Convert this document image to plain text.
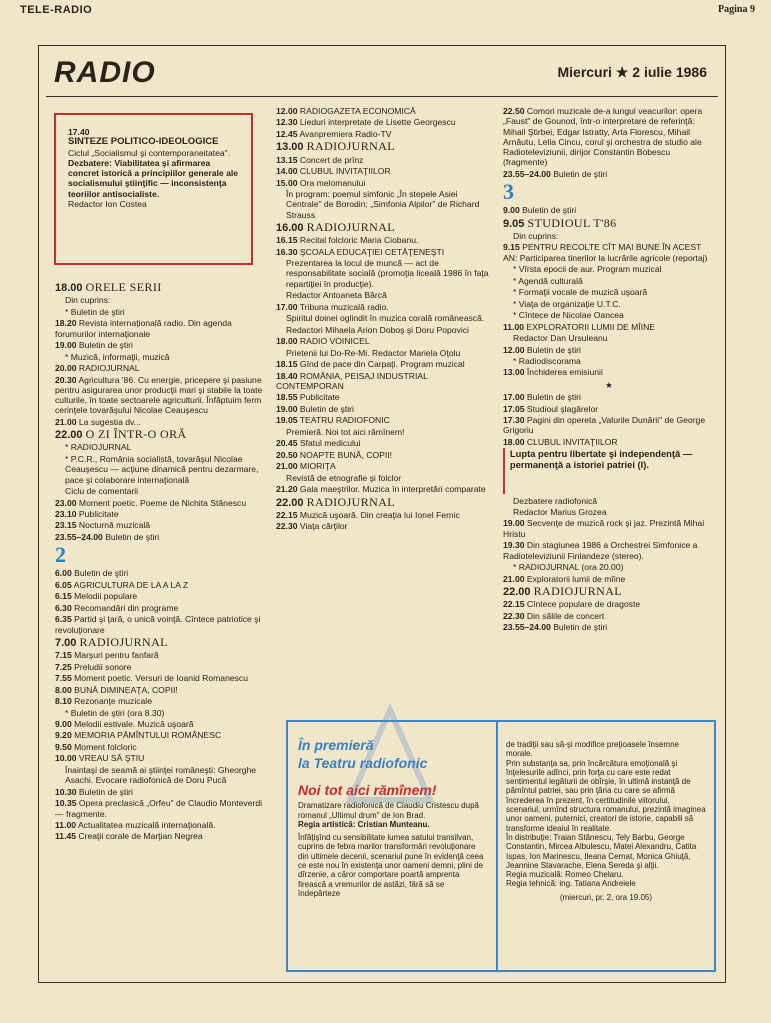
TELE-RADIO	Pagina 9
RADIO	Miercuri ★ 2 iulie 1986
17.40
SINTEZE POLITICO-IDEOLOGICE
Ciclul „Socialismul şi contemporaneitatea".
Dezbatere: Viabilitatea şi afirmarea concret istorică a principiilor generale ale socialismului ştiinţific — inconsistenţa teoriilor antisocialiste.
Redactor Ion Costea
18.00 ORELE SERII
Din cuprins:
* Buletin de ştiri
18.20 Revista internaţională radio. Din agenda forumurilor internaţionale
19.00 Buletin de ştiri
* Muzică, informaţii, muzică
20.00 RADIOJURNAL
20.30 Agricultura '86. Cu energie, pricepere şi pasiune pentru asigurarea unor producţii mari şi stabile la toate culturile, în toate sectoarele agriculturii. Înfăptuim ferm cerinţele tovarăşului Nicolae Ceauşescu
21.00 La sugestia dv...
22.00 O ZI ÎNTR-O ORĂ
* RADIOJURNAL
* P.C.R., România socialistă, tovarăşul Nicolae Ceauşescu — acţiune dinamică pentru dezarmare, pace şi colaborare internaţională
Ciclu de comentarii
23.00 Moment poetic. Poeme de Nichita Stănescu
23.10 Publicitate
23.15 Nocturnă muzicală
23.55–24.00 Buletin de ştiri
2
6.00 Buletin de ştiri
6.05 AGRICULTURA DE LA A LA Z
6.15 Melodii populare
6.30 Recomandări din programe
6.35 Partid şi ţară, o unică voinţă. Cîntece patriotice şi revoluţionare
7.00 RADIOJURNAL
7.15 Marşuri pentru fanfară
7.25 Preludii sonore
7.55 Moment poetic. Versuri de Ioanid Romanescu
8.00 BUNĂ DIMINEAŢA, COPII!
8.10 Rezonanţe muzicale
* Buletin de ştiri (ora 8.30)
9.00 Melodii estivale. Muzică uşoară
9.20 MEMORIA PĂMÎNTULUI ROMÂNESC
9.50 Moment folcloric
10.00 VREAU SĂ ŞTIU
Înaintaşi de seamă ai ştiinţei româneşti: Gheorghe Asachi. Evocare radiofonică de Doru Pucă
10.30 Buletin de ştiri
10.35 Opera preclasică „Orfeu" de Claudio Monteverdi — fragmente.
11.00 Actualitatea muzicală internaţională.
11.45 Creaţii corale de Marţian Negrea
12.00 RADIOGAZETA ECONOMICĂ
12.30 Lieduri interpretate de Lisette Georgescu
12.45 Avanpremiera Radio-TV
13.00 RADIOJURNAL
13.15 Concert de prînz
14.00 CLUBUL INVITAŢIILOR
15.00 Ora melomanului
În program: poemul simfonic „În stepele Asiei Centrale" de Borodin; „Simfonia Alpilor" de Richard Strauss
16.00 RADIOJURNAL
16.15 Recital folcloric Maria Ciobanu.
16.30 ŞCOALA EDUCAŢIEI CETĂŢENEŞTI
Prezentarea la locul de muncă — act de responsabilitate socială (promoţia liceală 1986 în faţa repartiţiei în producţie).
Redactor Antoaneta Bârcă
17.00 Tribuna muzicală radio.
Spiritul doinei oglindit în muzica corală românească.
Redactori Mihaela Arion Doboş şi Doru Popovici
18.00 RADIO VOINICEL
Prietenii lui Do-Re-Mi. Redactor Mariela Oţolu
18.15 Gînd de pace din Carpaţi. Program muzical
18.40 ROMÂNIA, PEISAJ INDUSTRIAL CONTEMPORAN
18.55 Publicitate
19.00 Buletin de ştiri
19.05 TEATRU RADIOFONIC
Premieră. Noi tot aici rămînem!
20.45 Sfatul medicului
20.50 NOAPTE BUNĂ, COPII!
21.00 MIORIŢA
Revistă de etnografie şi folclor
21.20 Gala maeştrilor. Muzica în interpretări comparate
22.00 RADIOJURNAL
22.15 Muzică uşoară. Din creaţia lui Ionel Fernic
22.30 Viaţa cărţilor
22.50 Comori muzicale de-a lungul veacurilor: opera „Faust" de Gounod, într-o interpretare de referinţă: Mihail Ştirbei, Edgar Istratty, Arta Florescu, Mihail Arnăutu, Lelia Cincu, corul şi orchestra de studio ale Radioteleviziunii, dirijor Constantin Bobescu (fragmente)
23.55–24.00 Buletin de ştiri
3
9.00 Buletin de ştiri
9.05 STUDIOUL T'86
Din cuprins:
9.15 PENTRU RECOLTE CÎT MAI BUNE ÎN ACEST AN: Participarea tinerilor la lucrările agricole (reportaj)
* Vîrsta epocii de aur. Program muzical
* Agendă culturală
* Formaţii vocale de muzică uşoară
* Viaţa de organizaţie U.T.C.
* Cîntece de Nicolae Oancea
11.00 EXPLORATORII LUMII DE MÎINE
Redactor Dan Ursuleanu
12.00 Buletin de ştiri
* Radiodiscorama
13.00 Închiderea emisiunii
★
17.00 Buletin de ştiri
17.05 Studioul şlagărelor
17.30 Pagini din opereta „Valurile Dunării" de George Grigoriu
18.00 CLUBUL INVITAŢIILOR
Lupta pentru libertate şi independenţă — permanenţă a istoriei patriei (I).
Dezbatere radiofonică
Redactor Marius Grozea
19.00 Secvenţe de muzică rock şi jaz. Prezintă Mihai Hristu
19.30 Din stagiunea 1986 a Orchestrei Simfonice a Radioteleviziunii Finlandeze (stereo).
* RADIOJURNAL (ora 20.00)
21.00 Exploratorii lumii de mîine
22.00 RADIOJURNAL
22.15 Cîntece populare de dragoste
22.30 Din sălile de concert
23.55–24.00 Buletin de ştiri
În premieră
la Teatru radiofonic
Noi tot aici rămînem!
Dramatizare radiofonică de Claudiu Cristescu după romanul „Ultimul drum" de Ion Brad.
Regia artistică: Cristian Munteanu.
Înfăţişînd cu sensibilitate lumea satului transilvan, cuprins de febra marilor transformări revoluţionare din ultimele decenii, scenariul pune în evidenţă ceea ce este nou în existenţa unor oameni demni, plini de dîrzenie, a căror comportare poartă amprenta firească a vremurilor de astăzi, fără să se îndepărteze
de tradiţii sau să-şi modifice preţioasele însemne morale.
Prin substanţa sa, prin încărcătura emoţională şi înţelesurile adînci, prin forţa cu care este redat sentimentul legăturii de obîrşie, în ultimă instanţă de pămîntul patriei, sau prin ţăria cu care se afirmă încrederea în prezent, în certitudinile viitorului, scenariul, urmînd structura romanului, prezintă imaginea unor oameni, puternici, creatori de istorie, capabili să transforme ideaiul în realitate.
În distribuţie: Traian Stănescu, Tely Barbu, George Constantin, Mircea Albulescu, Matei Alexandru, Catita Ispas, Ion Marinescu, Ileana Cernat, Monica Ghiuţă, Jeannine Stavarache, Elena Sereda şi alţii.
Regia muzicală: Romeo Chelaru.
Regia tehnică: ing. Tatiana Andreiele
(miercuri, pr. 2, ora 19.05)
